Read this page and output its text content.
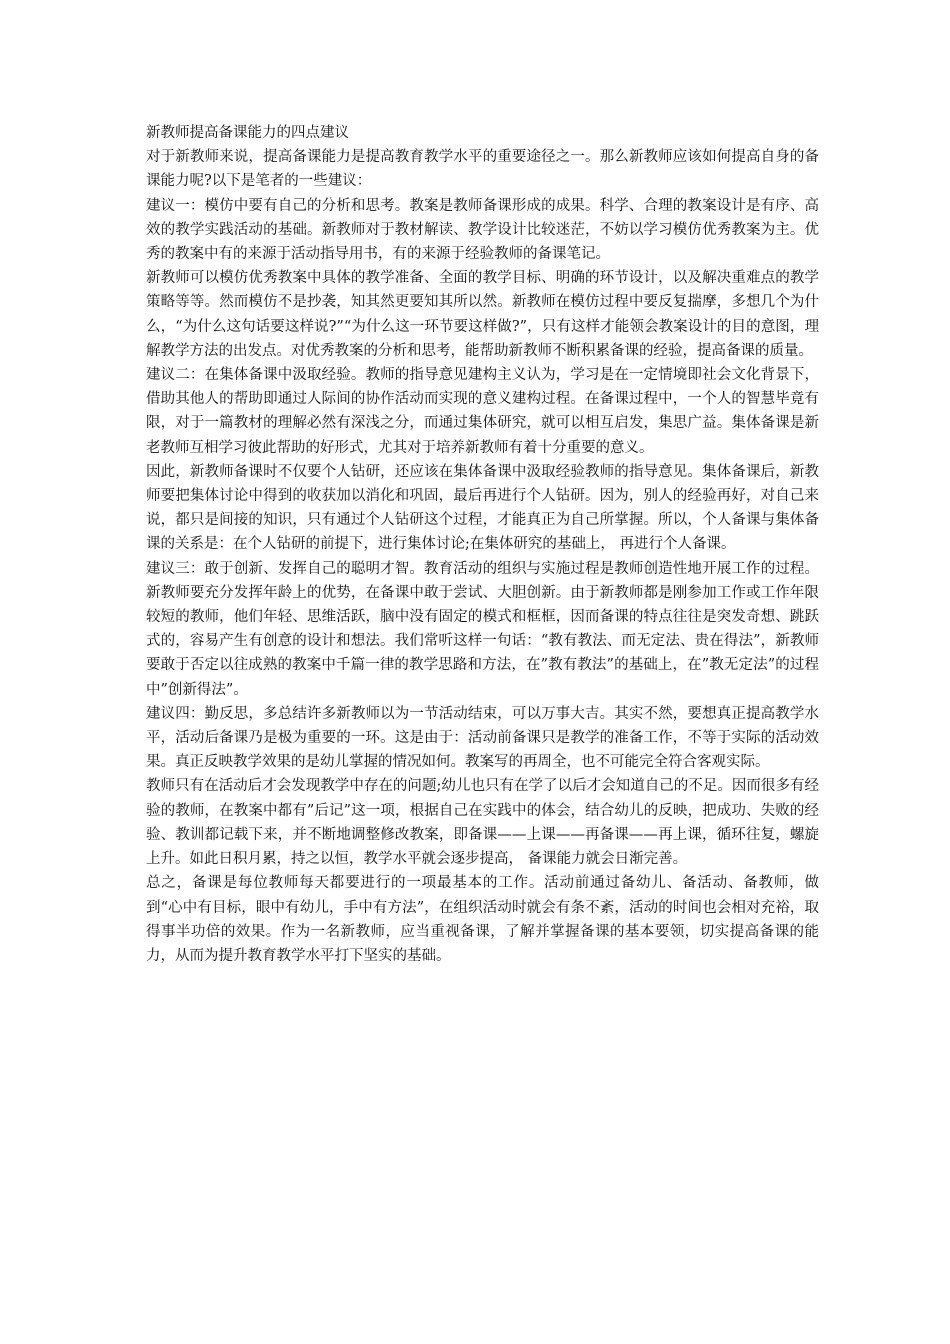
新教师提高备课能力的四点建议

对于新教师来说，提高备课能力是提高教育教学水平的重要途径之一。那么新教师应该如何提高自身的备课能力呢?以下是笔者的一些建议：

建议一：模仿中要有自己的分析和思考。教案是教师备课形成的成果。科学、合理的教案设计是有序、高效的教学实践活动的基础。新教师对于教材解读、教学设计比较迷茫，不妨以学习模仿优秀教案为主。优秀的教案中有的来源于活动指导用书，有的来源于经验教师的备课笔记。

新教师可以模仿优秀教案中具体的教学准备、全面的教学目标、明确的环节设计，以及解决重难点的教学策略等等。然而模仿不是抄袭，知其然更要知其所以然。新教师在模仿过程中要反复揣摩，多想几个为什么，“为什么这句话要这样说?”“为什么这一环节要这样做?”，只有这样才能领会教案设计的目的意图，理解教学方法的出发点。对优秀教案的分析和思考，能帮助新教师不断积累备课的经验，提高备课的质量。

建议二：在集体备课中汲取经验。教师的指导意见建构主义认为，学习是在一定情境即社会文化背景下，借助其他人的帮助即通过人际间的协作活动而实现的意义建构过程。在备课过程中，一个人的智慧毕竟有限，对于一篇教材的理解必然有深浅之分，而通过集体研究，就可以相互启发，集思广益。集体备课是新老教师互相学习彼此帮助的好形式，尤其对于培养新教师有着十分重要的意义。

因此，新教师备课时不仅要个人钻研，还应该在集体备课中汲取经验教师的指导意见。集体备课后，新教师要把集体讨论中得到的收获加以消化和巩固，最后再进行个人钻研。因为，别人的经验再好，对自己来说，都只是间接的知识，只有通过个人钻研这个过程，才能真正为自己所掌握。所以，个人备课与集体备课的关系是：在个人钻研的前提下，进行集体讨论;在集体研究的基础上， 再进行个人备课。

建议三：敢于创新、发挥自己的聪明才智。教育活动的组织与实施过程是教师创造性地开展工作的过程。新教师要充分发挥年龄上的优势，在备课中敢于尝试、大胆创新。由于新教师都是刚参加工作或工作年限较短的教师，他们年轻、思维活跃，脑中没有固定的模式和框框，因而备课的特点往往是突发奇想、跳跃式的，容易产生有创意的设计和想法。我们常听这样一句话：“教有教法、而无定法、贵在得法”，新教师要敢于否定以往成熟的教案中千篇一律的教学思路和方法，在”教有教法”的基础上，在”教无定法”的过程中”创新得法”。

建议四：勤反思，多总结许多新教师以为一节活动结束，可以万事大吉。其实不然，要想真正提高教学水平，活动后备课乃是极为重要的一环。这是由于：活动前备课只是教学的准备工作，不等于实际的活动效果。真正反映教学效果的是幼儿掌握的情况如何。教案写的再周全，也不可能完全符合客观实际。

教师只有在活动后才会发现教学中存在的问题;幼儿也只有在学了以后才会知道自己的不足。因而很多有经验的教师，在教案中都有”后记”这一项，根据自己在实践中的体会，结合幼儿的反映，把成功、失败的经验、教训都记载下来，并不断地调整修改教案，即备课——上课——再备课——再上课，循环往复，螺旋上升。如此日积月累，持之以恒，教学水平就会逐步提高， 备课能力就会日渐完善。

总之，备课是每位教师每天都要进行的一项最基本的工作。活动前通过备幼儿、备活动、备教师，做到“心中有目标，眼中有幼儿，手中有方法”，在组织活动时就会有条不紊，活动的时间也会相对充裕，取得事半功倍的效果。作为一名新教师，应当重视备课，了解并掌握备课的基本要领，切实提高备课的能力，从而为提升教育教学水平打下坚实的基础。
